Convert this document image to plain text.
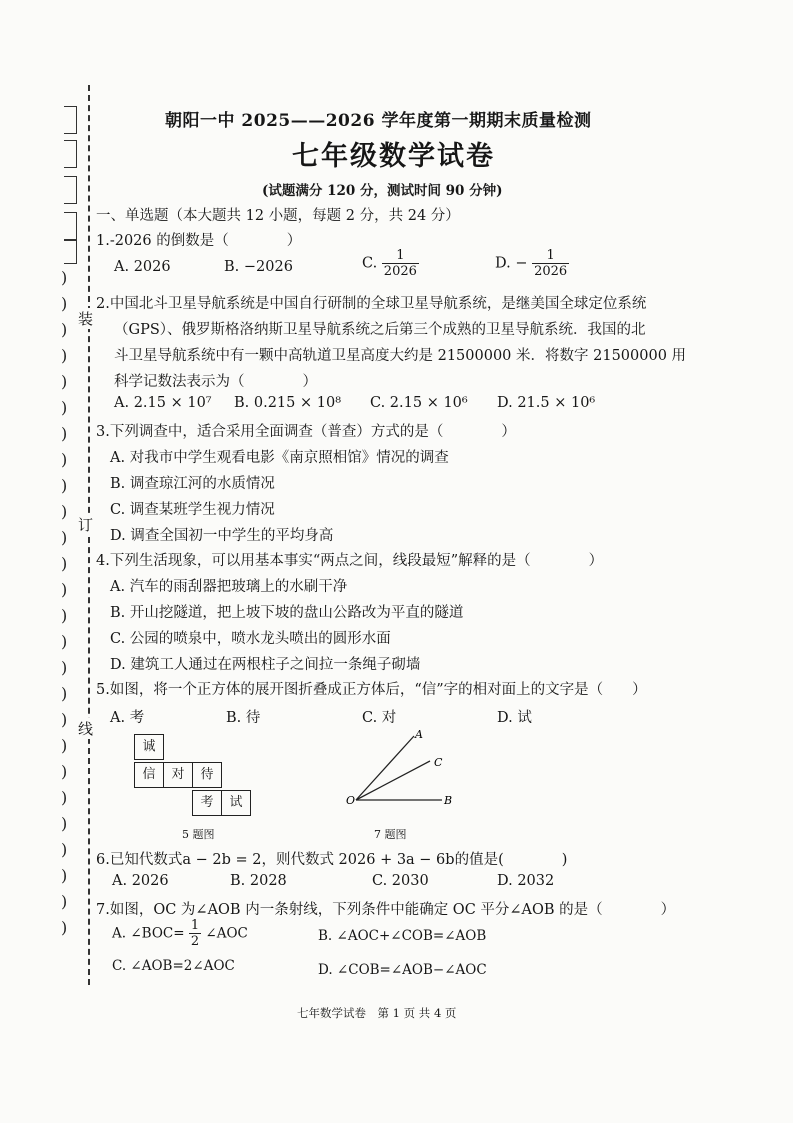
)
)
)
)
)
)
)
)
)
)
)
)
)
)
)
)
)
)
)
)
)
)
)
)
)
)
装
订
线
朝阳一中 2025——2026 学年度第一期期末质量检测
七年级数学试卷
(试题满分 120 分，测试时间 90 分钟)
一、单选题（本大题共 12 小题，每题 2 分，共 24 分）
1.-2026 的倒数是（　　　　）
A. 2026	B. −2026	C. $\frac{1}{2026}$	D. − $\frac{1}{2026}$
2.中国北斗卫星导航系统是中国自行研制的全球卫星导航系统，是继美国全球定位系统
（GPS）、俄罗斯格洛纳斯卫星导航系统之后第三个成熟的卫星导航系统．我国的北
斗卫星导航系统中有一颗中高轨道卫星高度大约是 21500000 米．将数字 21500000 用
科学记数法表示为（　　　　）
A. 2.15 × 10⁷ B. 0.215 × 10⁸ C. 2.15 × 10⁶ D. 21.5 × 10⁶
3.下列调查中，适合采用全面调查（普查）方式的是（　　　　）
A. 对我市中学生观看电影《南京照相馆》情况的调查
B. 调查琼江河的水质情况
C. 调查某班学生视力情况
D. 调查全国初一中学生的平均身高
4.下列生活现象，可以用基本事实“两点之间，线段最短”解释的是（　　　　）
A. 汽车的雨刮器把玻璃上的水刷干净
B. 开山挖隧道，把上坡下坡的盘山公路改为平直的隧道
C. 公园的喷泉中，喷水龙头喷出的圆形水面
D. 建筑工人通过在两根柱子之间拉一条绳子砌墙
5.如图，将一个正方体的展开图折叠成正方体后，“信”字的相对面上的文字是（　　）
A. 考	B. 待	C. 对	D. 试
诚
信	对	待
考	试
5 题图
A
C
B
O
7 题图
6.已知代数式a − 2b = 2，则代数式 2026 + 3a − 6b的值是(　　　　)
A. 2026	B. 2028	C. 2030	D. 2032
7.如图，OC 为∠AOB 内一条射线，下列条件中能确定 OC 平分∠AOB 的是（　　　　）
A. ∠BOC= $\frac{1}{2}$ ∠AOC	B. ∠AOC+∠COB=∠AOB
C. ∠AOB=2∠AOC	D. ∠COB=∠AOB−∠AOC
七年数学试卷　第 1 页 共 4 页
